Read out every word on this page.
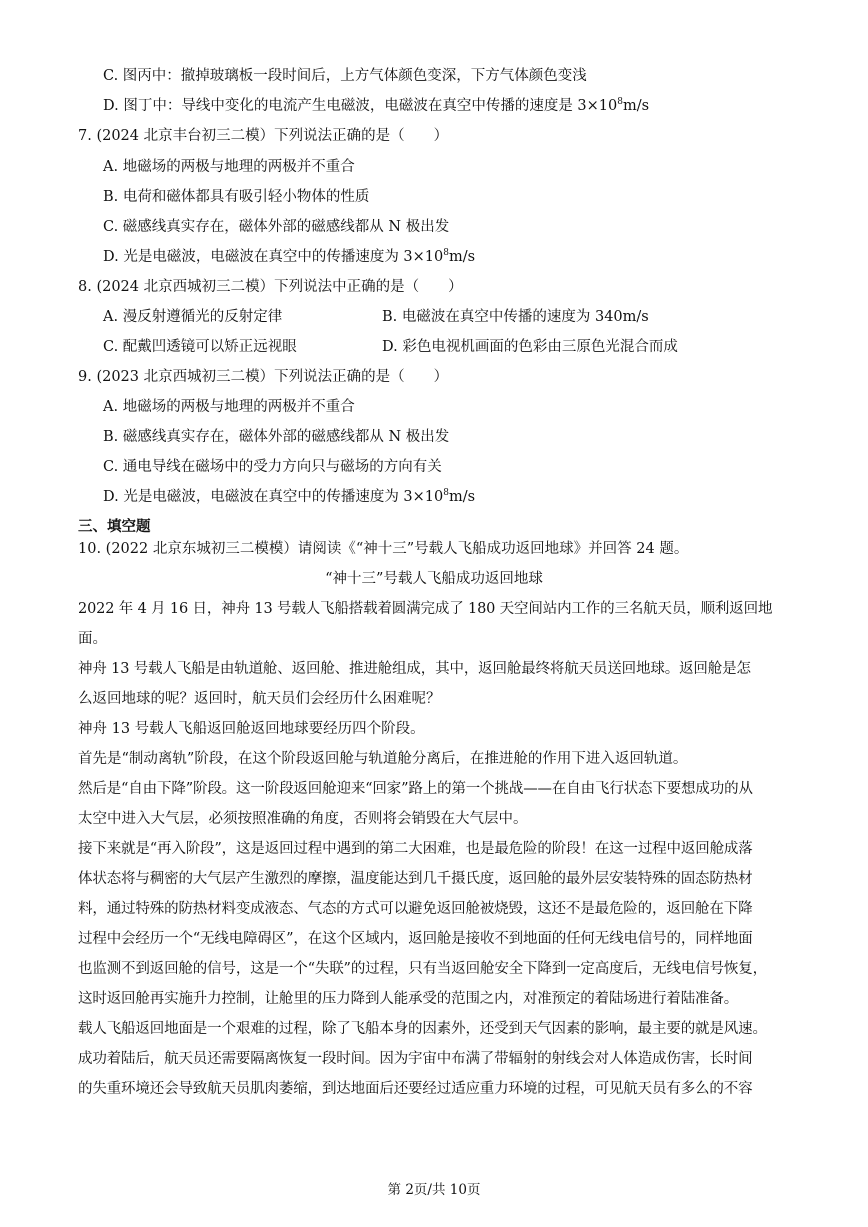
C. 图丙中：撤掉玻璃板一段时间后，上方气体颜色变深，下方气体颜色变浅
D. 图丁中：导线中变化的电流产生电磁波，电磁波在真空中传播的速度是 $3\times 10^8m/s$
7. (2024 北京丰台初三二模）下列说法正确的是（　　）
A. 地磁场的两极与地理的两极并不重合
B. 电荷和磁体都具有吸引轻小物体的性质
C. 磁感线真实存在，磁体外部的磁感线都从 N 极出发
D. 光是电磁波，电磁波在真空中的传播速度为 $3\times 10^8m/s$
8. (2024 北京西城初三二模）下列说法中正确的是（　　）
A. 漫反射遵循光的反射定律	B. 电磁波在真空中传播的速度为 340m/s
C. 配戴凹透镜可以矫正远视眼	D. 彩色电视机画面的色彩由三原色光混合而成
9. (2023 北京西城初三二模）下列说法正确的是（　　）
A. 地磁场的两极与地理的两极并不重合
B. 磁感线真实存在，磁体外部的磁感线都从 N 极出发
C. 通电导线在磁场中的受力方向只与磁场的方向有关
D. 光是电磁波，电磁波在真空中的传播速度为 $3\times 10^8m/s$
三、填空题
10. (2022 北京东城初三二模模）请阅读《“神十三”号载人飞船成功返回地球》并回答 24 题。
“神十三”号载人飞船成功返回地球
2022 年 4 月 16 日，神舟 13 号载人飞船搭载着圆满完成了 180 天空间站内工作的三名航天员，顺利返回地
面。
神舟 13 号载人飞船是由轨道舱、返回舱、推进舱组成，其中，返回舱最终将航天员送回地球。返回舱是怎
么返回地球的呢？返回时，航天员们会经历什么困难呢？
神舟 13 号载人飞船返回舱返回地球要经历四个阶段。
首先是“制动离轨”阶段，在这个阶段返回舱与轨道舱分离后，在推进舱的作用下进入返回轨道。
然后是“自由下降”阶段。这一阶段返回舱迎来“回家”路上的第一个挑战——在自由飞行状态下要想成功的从
太空中进入大气层，必须按照准确的角度，否则将会销毁在大气层中。
接下来就是“再入阶段”，这是返回过程中遇到的第二大困难，也是最危险的阶段！在这一过程中返回舱成落
体状态将与稠密的大气层产生激烈的摩擦，温度能达到几千摄氏度，返回舱的最外层安装特殊的固态防热材
料，通过特殊的防热材料变成液态、气态的方式可以避免返回舱被烧毁，这还不是最危险的，返回舱在下降
过程中会经历一个“无线电障碍区”，在这个区域内，返回舱是接收不到地面的任何无线电信号的，同样地面
也监测不到返回舱的信号，这是一个“失联”的过程，只有当返回舱安全下降到一定高度后，无线电信号恢复，
这时返回舱再实施升力控制，让舱里的压力降到人能承受的范围之内，对准预定的着陆场进行着陆准备。
载人飞船返回地面是一个艰难的过程，除了飞船本身的因素外，还受到天气因素的影响，最主要的就是风速。
成功着陆后，航天员还需要隔离恢复一段时间。因为宇宙中布满了带辐射的射线会对人体造成伤害，长时间
的失重环境还会导致航天员肌肉萎缩，到达地面后还要经过适应重力环境的过程，可见航天员有多么的不容
第 2页/共 10页
